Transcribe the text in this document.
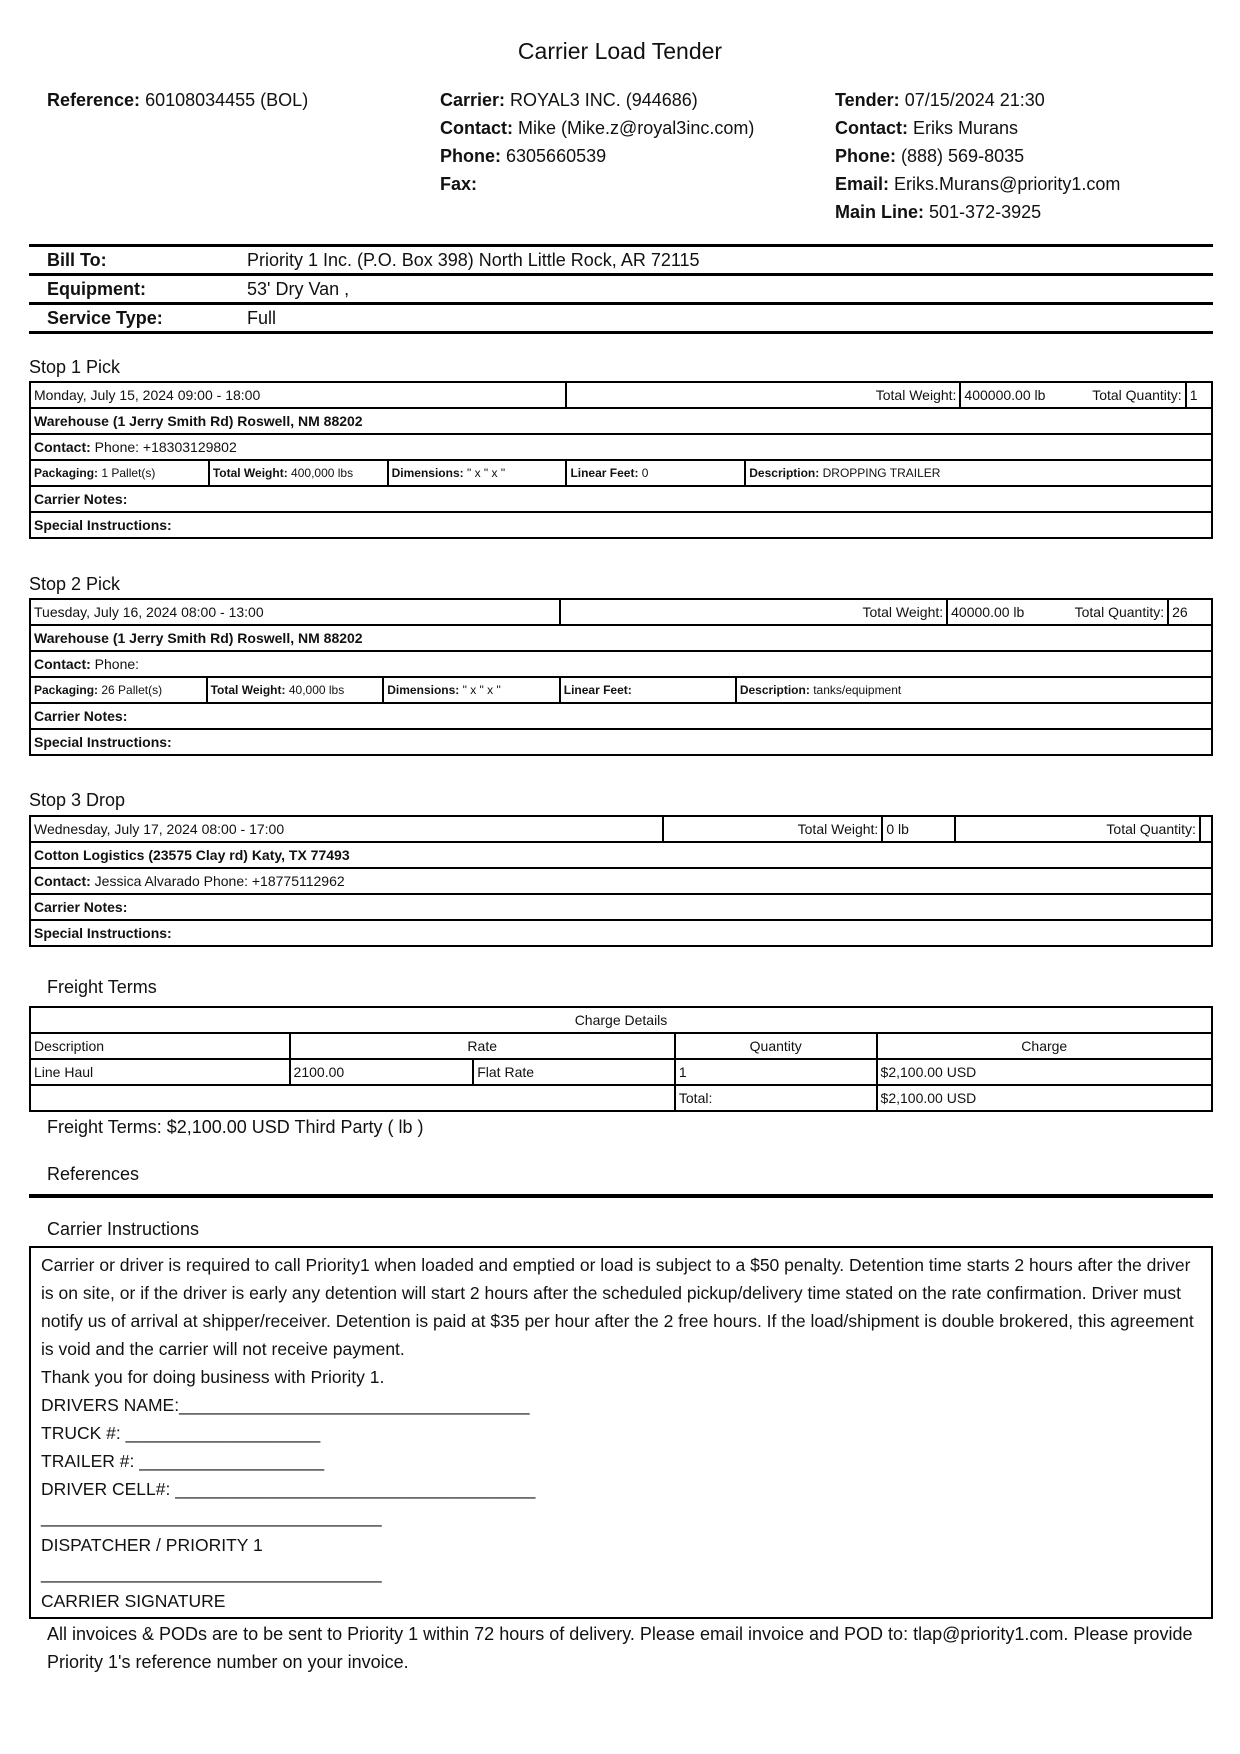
Carrier Load Tender
Reference: 60108034455 (BOL)	Carrier: ROYAL3 INC. (944686)
Contact: Mike (Mike.z@royal3inc.com)
Phone: 6305660539
Fax:
Tender: 07/15/2024 21:30
Contact: Eriks Murans
Phone: (888) 569-8035
Email: Eriks.Murans@priority1.com
Main Line: 501-372-3925
Bill To:	Priority 1 Inc. (P.O. Box 398) North Little Rock, AR 72115
Equipment:	53' Dry Van ,
Service Type:	Full
Stop 1 Pick
Monday, July 15, 2024 09:00 - 18:00			Total Weight:		400000.00 lb Total Quantity:	1
Warehouse (1 Jerry Smith Rd) Roswell, NM 88202						
Contact: Phone: +18303129802						
Packaging: 1 Pallet(s)	Total Weight: 400,000 lbs	Dimensions: " x " x "	Linear Feet: 0	Description: DROPPING TRAILER		
Carrier Notes:						
Special Instructions:						
Stop 2 Pick
Tuesday, July 16, 2024 08:00 - 13:00			Total Weight:		40000.00 lb Total Quantity:	26
Warehouse (1 Jerry Smith Rd) Roswell, NM 88202						
Contact: Phone:						
Packaging: 26 Pallet(s)	Total Weight: 40,000 lbs	Dimensions: " x " x "	Linear Feet:	Description: tanks/equipment		
Carrier Notes:						
Special Instructions:						
Stop 3 Drop
Wednesday, July 17, 2024 08:00 - 17:00	Total Weight:	0 lb	Total Quantity:	
Cotton Logistics (23575 Clay rd) Katy, TX 77493
Contact: Jessica Alvarado Phone: +18775112962
Carrier Notes:
Special Instructions:
Freight Terms
Charge Details				
Description	Rate		Quantity	Charge
Line Haul	2100.00	Flat Rate	1	$2,100.00 USD
			Total:	$2,100.00 USD
Freight Terms: $2,100.00 USD Third Party ( lb )
References
Carrier Instructions
Carrier or driver is required to call Priority1 when loaded and emptied or load is subject to a $50 penalty. Detention time starts 2 hours after the driver is on site, or if the driver is early any detention will start 2 hours after the scheduled pickup/delivery time stated on the rate confirmation. Driver must notify us of arrival at shipper/receiver. Detention is paid at $35 per hour after the 2 free hours. If the load/shipment is double brokered, this agreement is void and the carrier will not receive payment.
Thank you for doing business with Priority 1.
DRIVERS NAME:____________________________________
TRUCK #: ____________________
TRAILER #: ___________________
DRIVER CELL#: _____________________________________
___________________________________
DISPATCHER / PRIORITY 1
___________________________________
CARRIER SIGNATURE
All invoices & PODs are to be sent to Priority 1 within 72 hours of delivery. Please email invoice and POD to: tlap@priority1.com. Please provide Priority 1's reference number on your invoice.
